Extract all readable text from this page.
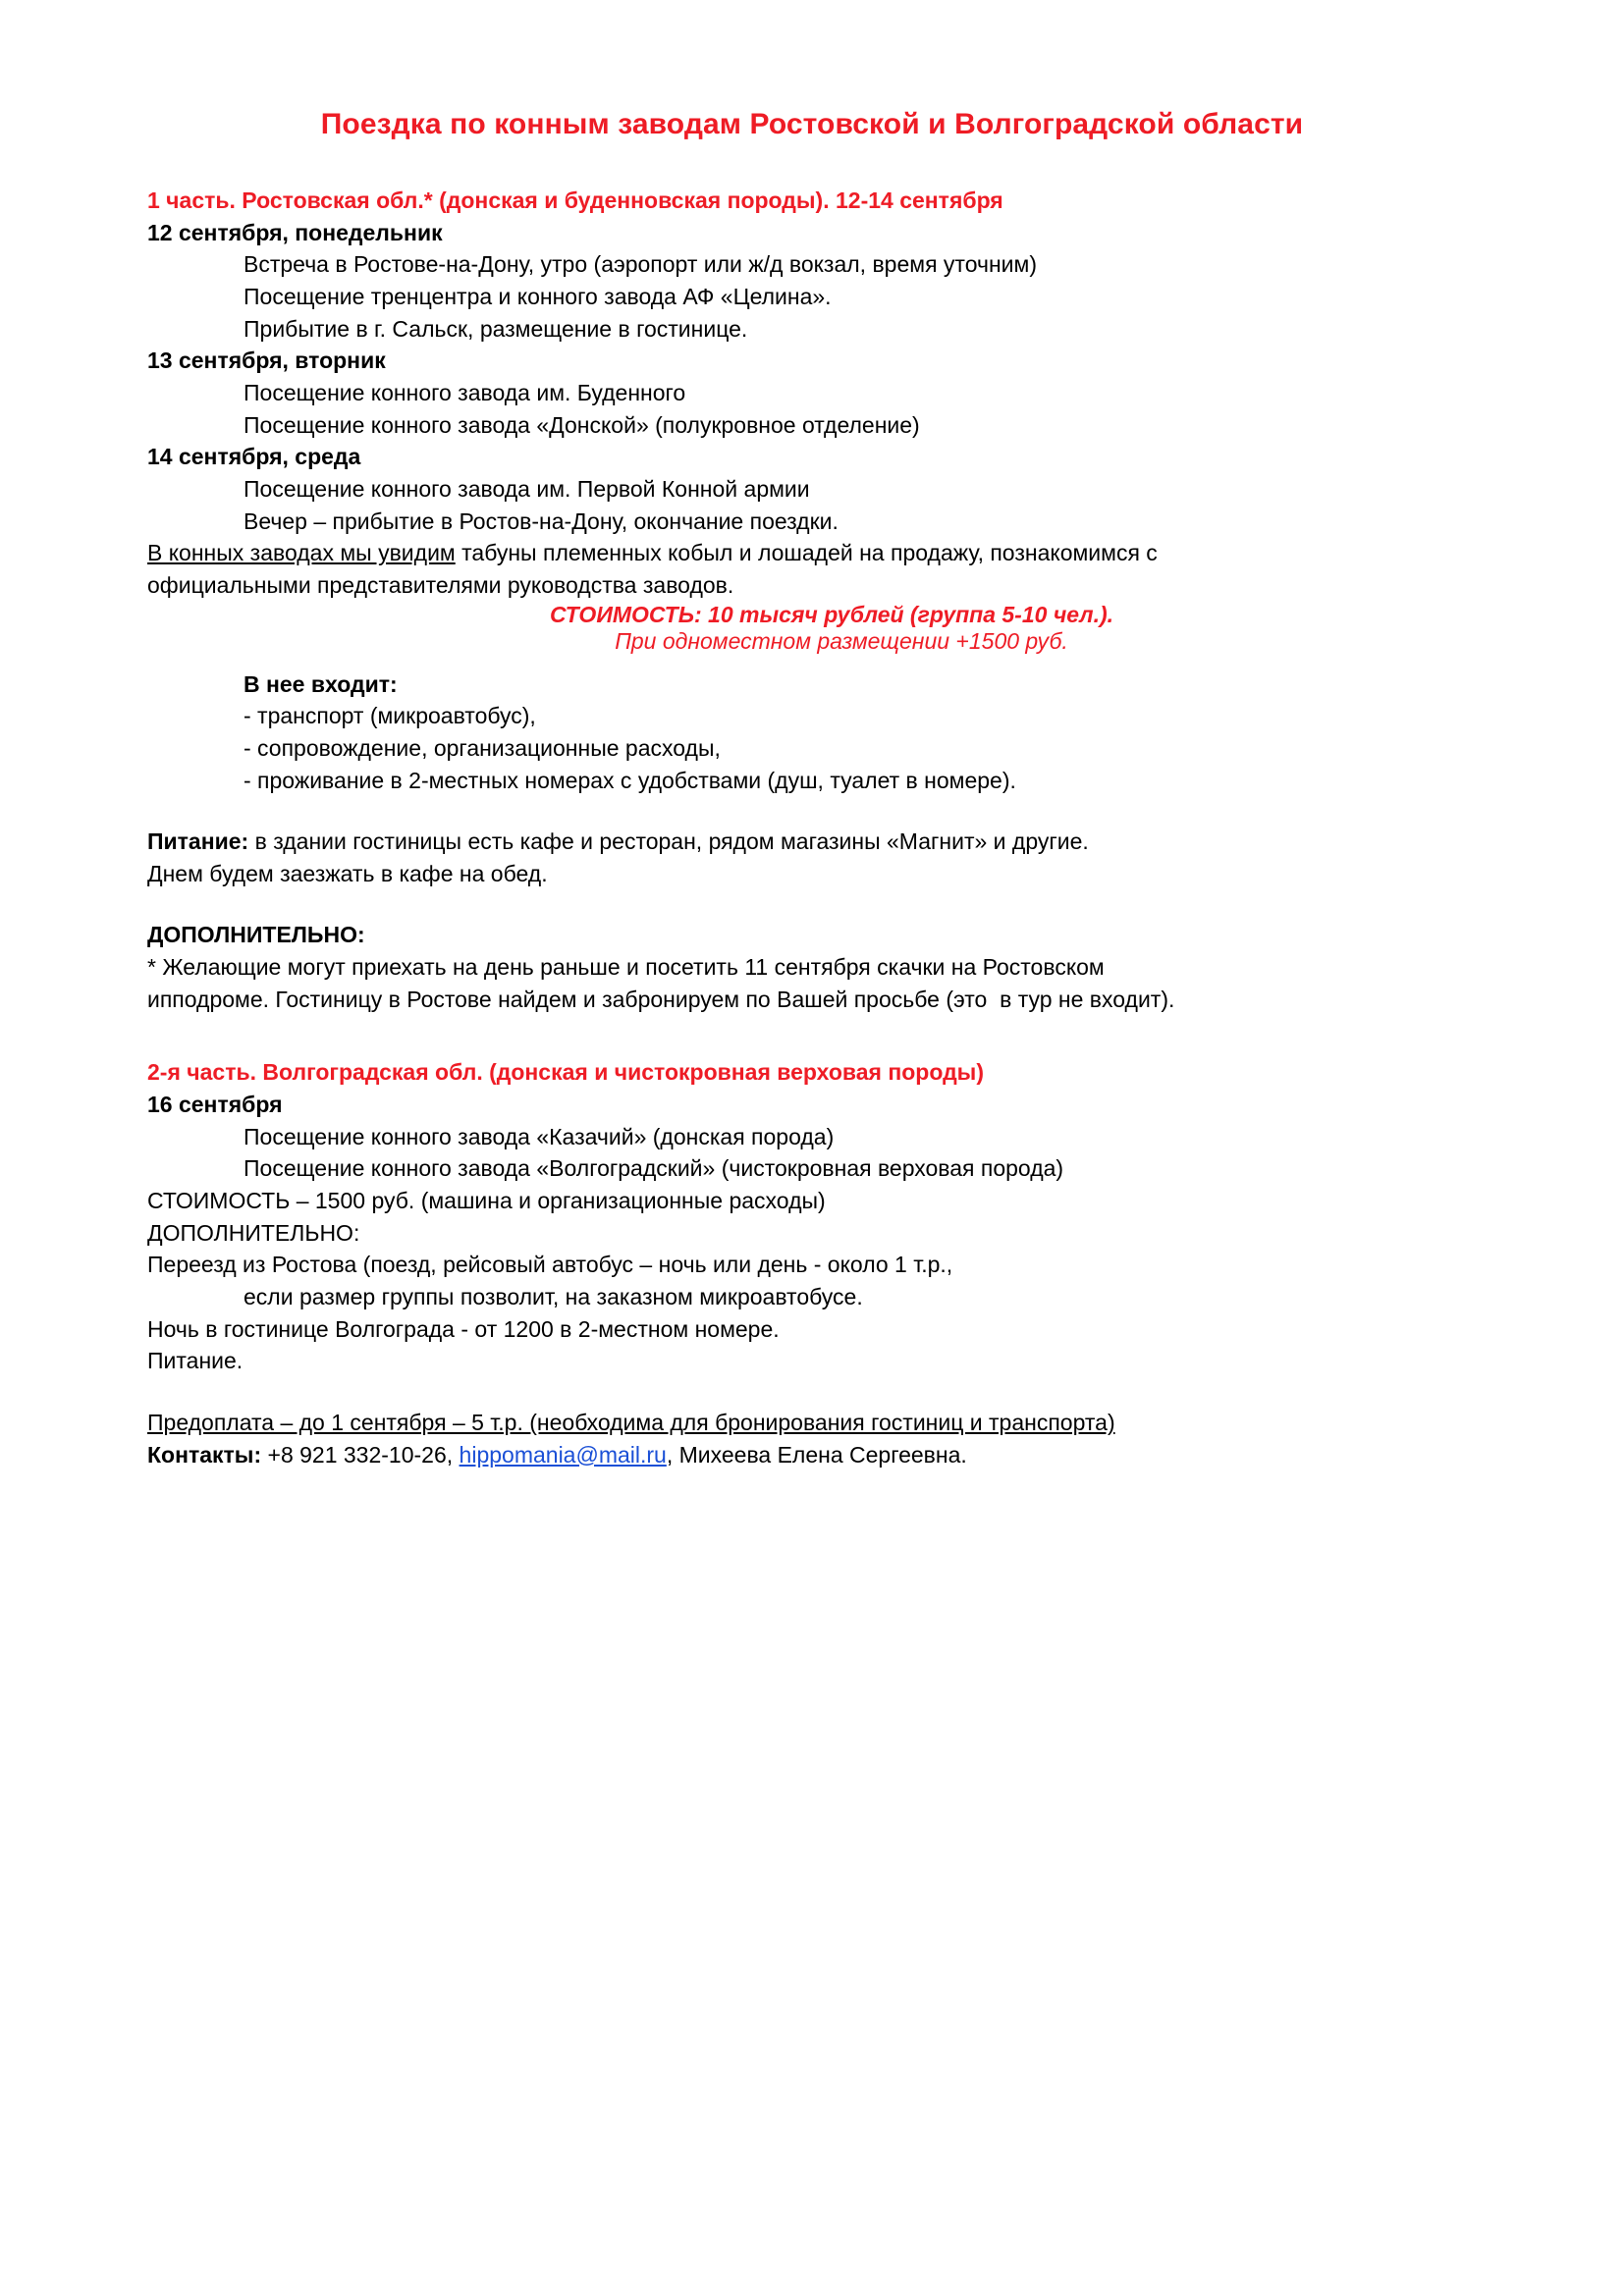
Поездка по конным заводам Ростовской и Волгоградской области

1 часть. Ростовская обл.* (донская и буденновская породы). 12-14 сентября

12 сентября, понедельник

Встреча в Ростове-на-Дону, утро (аэропорт или ж/д вокзал, время уточним)

Посещение тренцентра и конного завода АФ «Целина».

Прибытие в г. Сальск, размещение в гостинице.

13 сентября, вторник

Посещение конного завода им. Буденного

Посещение конного завода «Донской» (полукровное отделение)

14 сентября, среда

Посещение конного завода им. Первой Конной армии

Вечер – прибытие в Ростов-на-Дону, окончание поездки.

В конных заводах мы увидим табуны племенных кобыл и лошадей на продажу, познакомимся с

официальными представителями руководства заводов.

СТОИМОСТЬ: 10 тысяч рублей (группа 5-10 чел.).

При одноместном размещении +1500 руб.

В нее входит:

- транспорт (микроавтобус),

- сопровождение, организационные расходы,

- проживание в 2-местных номерах с удобствами (душ, туалет в номере).

Питание: в здании гостиницы есть кафе и ресторан, рядом магазины «Магнит» и другие.

Днем будем заезжать в кафе на обед.

ДОПОЛНИТЕЛЬНО:

* Желающие могут приехать на день раньше и посетить 11 сентября скачки на Ростовском

ипподроме. Гостиницу в Ростове найдем и забронируем по Вашей просьбе (это  в тур не входит).

2-я часть. Волгоградская обл. (донская и чистокровная верховая породы)

16 сентября

Посещение конного завода «Казачий» (донская порода)

Посещение конного завода «Волгоградский» (чистокровная верховая порода)

СТОИМОСТЬ – 1500 руб. (машина и организационные расходы)

ДОПОЛНИТЕЛЬНО:

Переезд из Ростова (поезд, рейсовый автобус – ночь или день - около 1 т.р.,

если размер группы позволит, на заказном микроавтобусе.

Ночь в гостинице Волгограда - от 1200 в 2-местном номере.

Питание.

Предоплата – до 1 сентября – 5 т.р. (необходима для бронирования гостиниц и транспорта)

Контакты: +8 921 332-10-26, hippomania@mail.ru, Михеева Елена Сергеевна.
